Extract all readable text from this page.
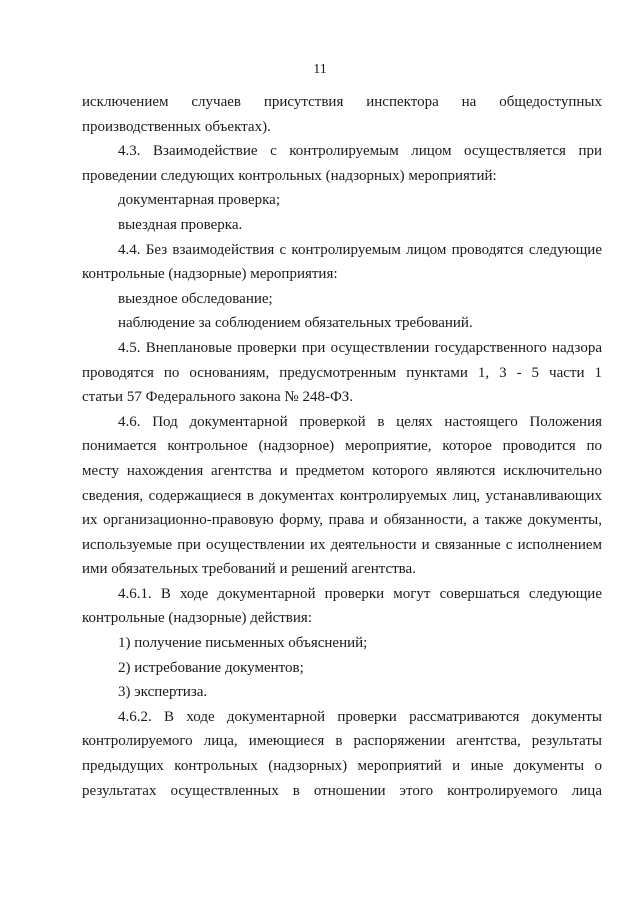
11
исключением случаев присутствия инспектора на общедоступных
производственных объектах).
4.3. Взаимодействие с контролируемым лицом осуществляется при
проведении следующих контрольных (надзорных) мероприятий:
документарная проверка;
выездная проверка.
4.4. Без взаимодействия с контролируемым лицом проводятся следующие
контрольные (надзорные) мероприятия:
выездное обследование;
наблюдение за соблюдением обязательных требований.
4.5. Внеплановые проверки при осуществлении государственного надзора
проводятся по основаниям, предусмотренным пунктами 1, 3 - 5 части 1
статьи 57 Федерального закона № 248-ФЗ.
4.6. Под документарной проверкой в целях настоящего Положения
понимается контрольное (надзорное) мероприятие, которое проводится по
месту нахождения агентства и предметом которого являются исключительно
сведения, содержащиеся в документах контролируемых лиц, устанавливающих
их организационно-правовую форму, права и обязанности, а также документы,
используемые при осуществлении их деятельности и связанные с исполнением
ими обязательных требований и решений агентства.
4.6.1. В ходе документарной проверки могут совершаться следующие
контрольные (надзорные) действия:
1) получение письменных объяснений;
2) истребование документов;
3) экспертиза.
4.6.2. В ходе документарной проверки рассматриваются документы
контролируемого лица, имеющиеся в распоряжении агентства, результаты
предыдущих контрольных (надзорных) мероприятий и иные документы о
результатах осуществленных в отношении этого контролируемого лица
